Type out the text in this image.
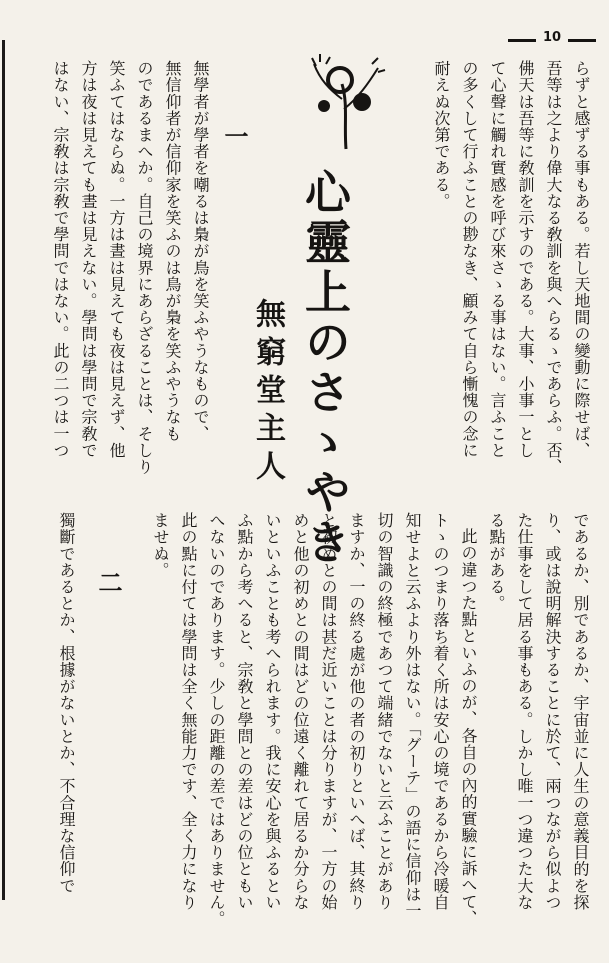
10
らずと感ずる事もある。若し天地間の變動に際せば、
吾等は之より偉大なる敎訓を與へらるゝであらふ。否、
佛天は吾等に敎訓を示すのである。大事、小事一とし
て心聲に觸れ實感を呼び來さゝる事はない。言ふこと
の多くして行ふことの尠なき、顧みて自ら慚愧の念に
耐えぬ次第である。
心靈上のさゝやき
無窮堂主人
一
無學者が學者を嘲るは梟が鳥を笑ふやうなもので、
無信仰者が信仰家を笑ふのは鳥が梟を笑ふやうなも
のであるまへか。自己の境界にあらざることは、そしり
笑ふてはならぬ。一方は晝は見えても夜は見えず、他
方は夜は見えても晝は見えない。學問は學問で宗敎で
はない、宗敎は宗敎で學問ではない。此の二つは一つ
であるか、別であるか、宇宙並に人生の意義目的を探
り、或は說明解決することに於て、兩つながら似よつ
た仕事をして居る事もある。しかし唯一つ違つた大な
る點がある。
此の違つた點といふのが、各自の內的實驗に訴へて、
トゝのつまり落ち着く所は安心の境であるから冷暖自
知せよと云ふより外はない。「グーテ」の語に信仰は一
切の智識の終極であつて端緒でないと云ふことがあり
ますか、一の終る處が他の者の初りといへば、其終り
と初めとの間は甚だ近いことは分りますが、一方の始
めと他の初めとの間はどの位遠く離れて居るか分らな
いといふことも考へられます。我に安心を與ふるとい
ふ點から考へると、宗敎と學問との差はどの位ともい
へないのであります。少しの距離の差ではありません。
此の點に付ては學問は全く無能力です、全く力になり
ませぬ。
二
獨斷であるとか、根據がないとか、不合理な信仰で
